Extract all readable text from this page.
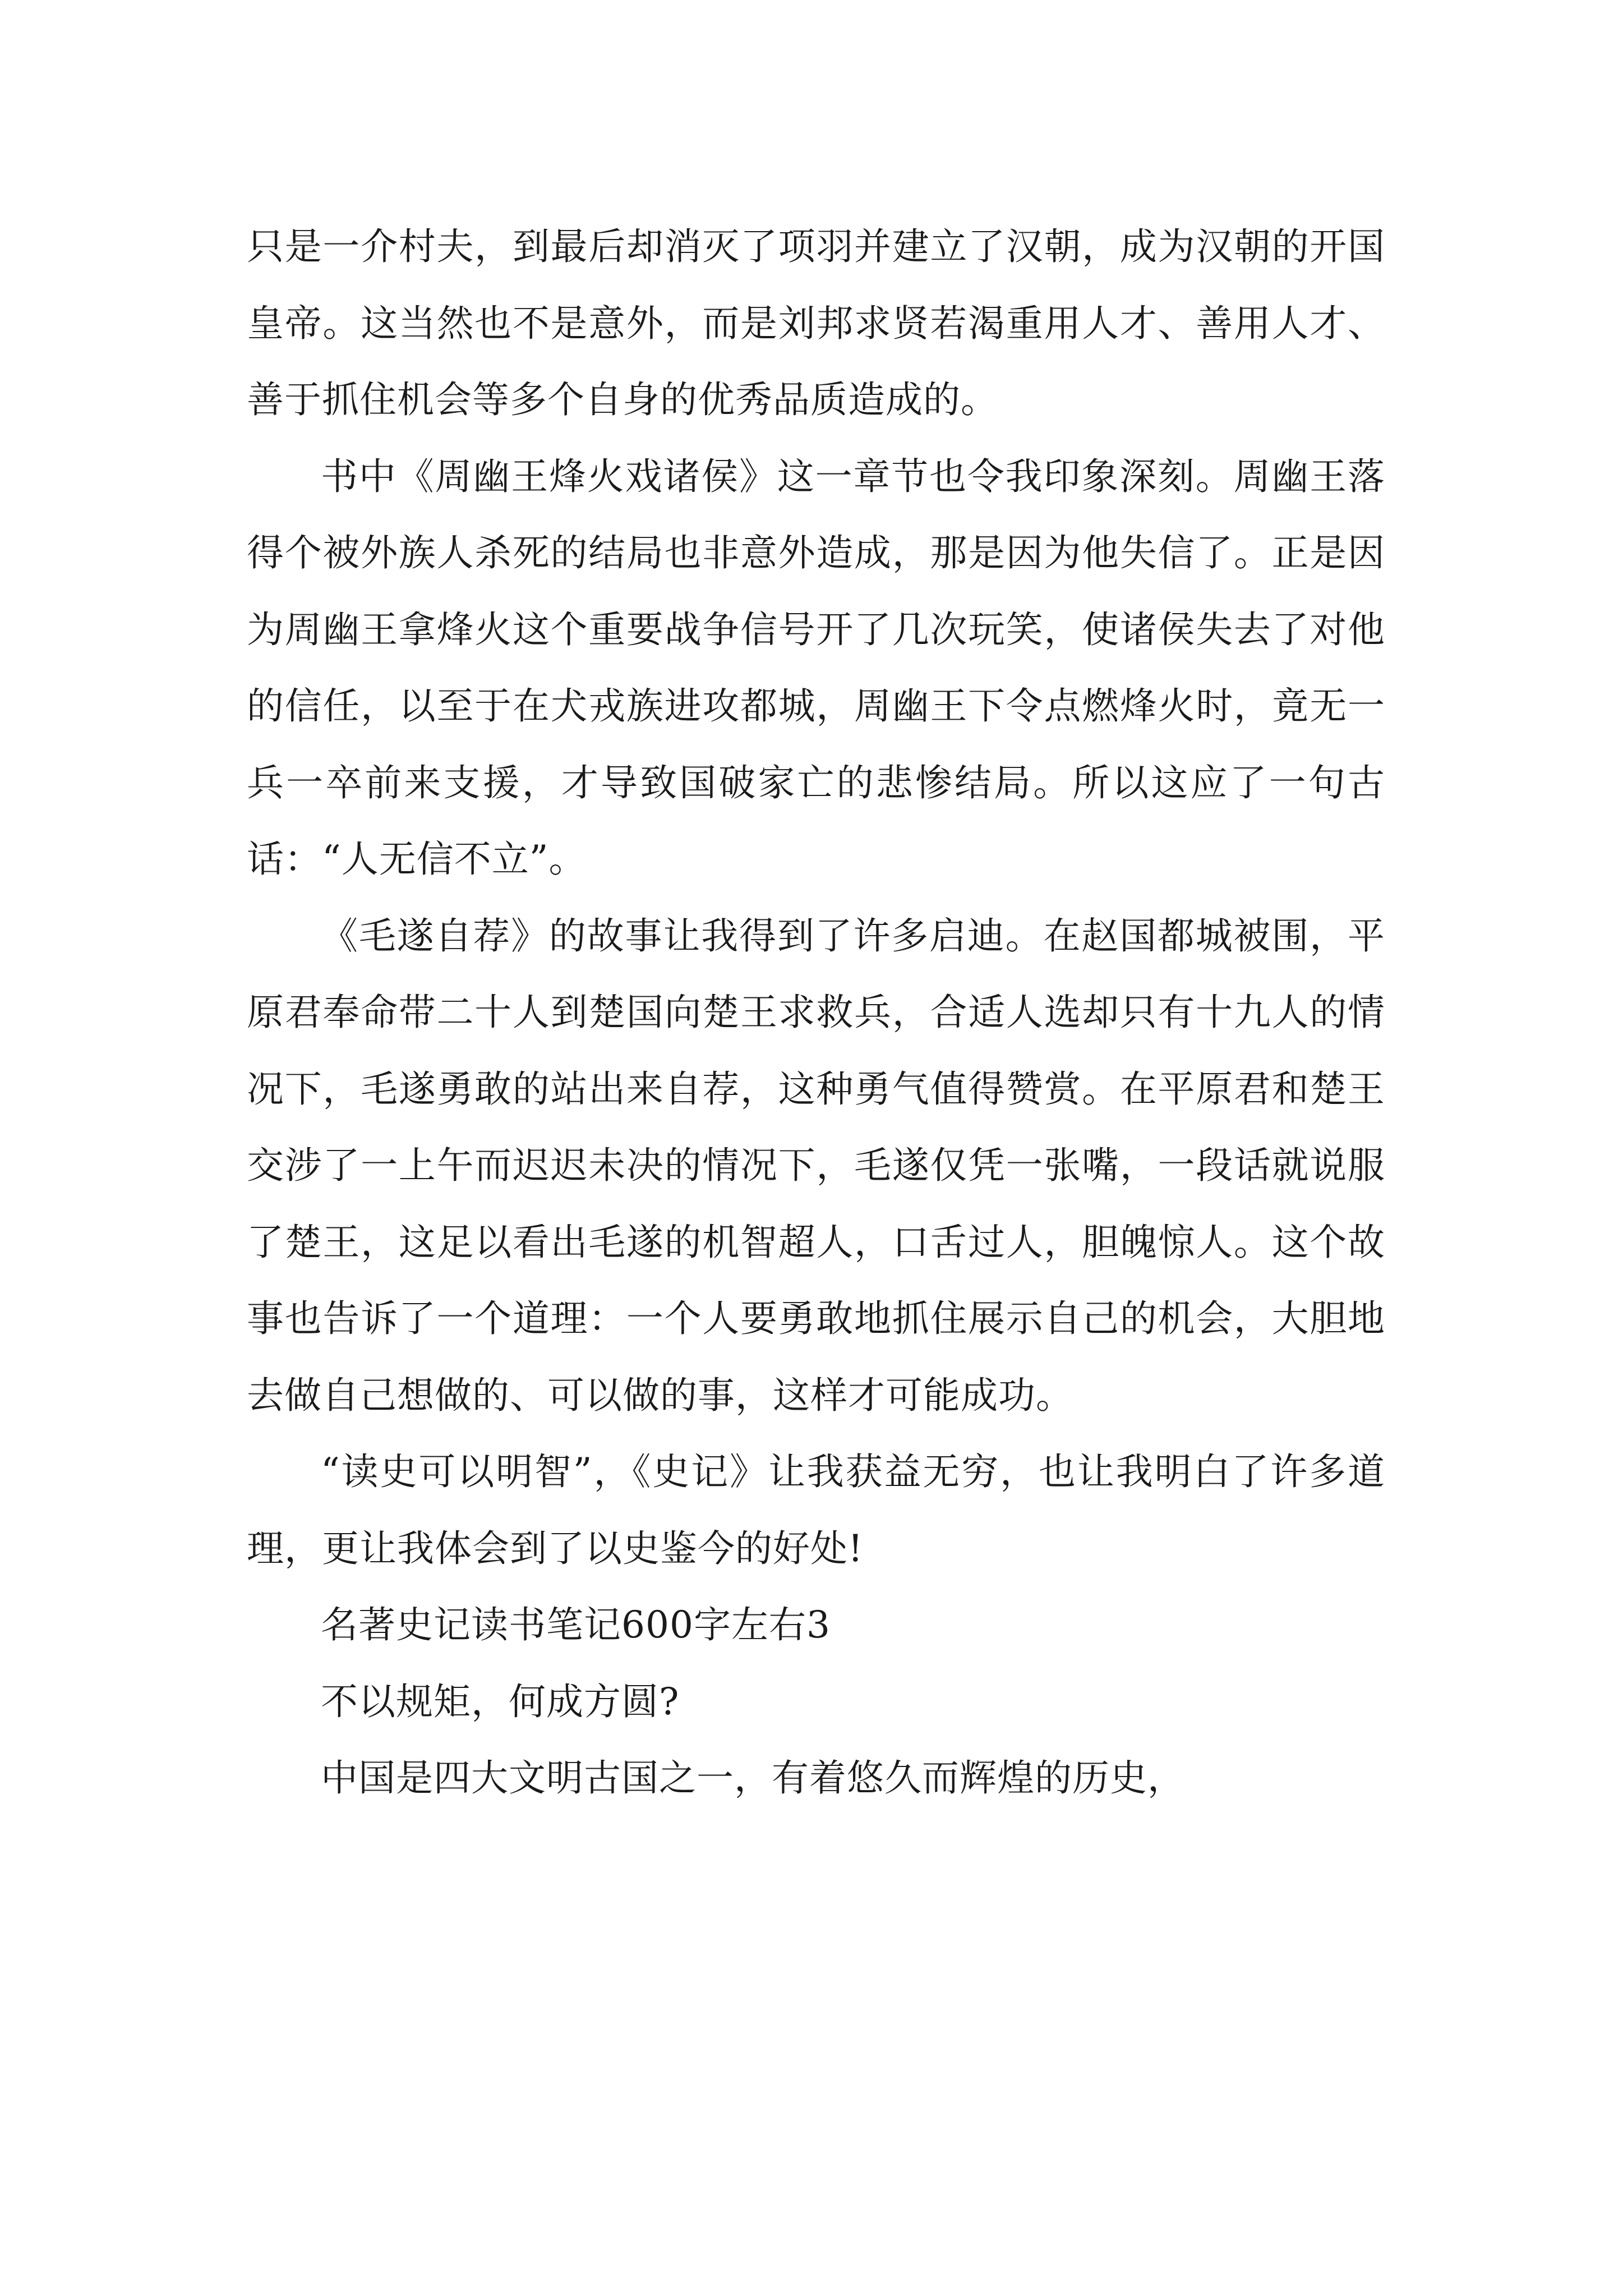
只是一介村夫，到最后却消灭了项羽并建立了汉朝，成为汉朝的开国皇帝。这当然也不是意外，而是刘邦求贤若渴重用人才、善用人才、善于抓住机会等多个自身的优秀品质造成的。

书中《周幽王烽火戏诸侯》这一章节也令我印象深刻。周幽王落得个被外族人杀死的结局也非意外造成，那是因为他失信了。正是因为周幽王拿烽火这个重要战争信号开了几次玩笑，使诸侯失去了对他的信任，以至于在犬戎族进攻都城，周幽王下令点燃烽火时，竟无一兵一卒前来支援，才导致国破家亡的悲惨结局。所以这应了一句古话：“人无信不立”。

《毛遂自荐》的故事让我得到了许多启迪。在赵国都城被围，平原君奉命带二十人到楚国向楚王求救兵，合适人选却只有十九人的情况下，毛遂勇敢的站出来自荐，这种勇气值得赞赏。在平原君和楚王交涉了一上午而迟迟未决的情况下，毛遂仅凭一张嘴，一段话就说服了楚王，这足以看出毛遂的机智超人，口舌过人，胆魄惊人。这个故事也告诉了一个道理：一个人要勇敢地抓住展示自己的机会，大胆地去做自己想做的、可以做的事，这样才可能成功。

“读史可以明智”，《史记》让我获益无穷，也让我明白了许多道理，更让我体会到了以史鉴今的好处!

名著史记读书笔记600字左右3

不以规矩，何成方圆?

中国是四大文明古国之一，有着悠久而辉煌的历史，
